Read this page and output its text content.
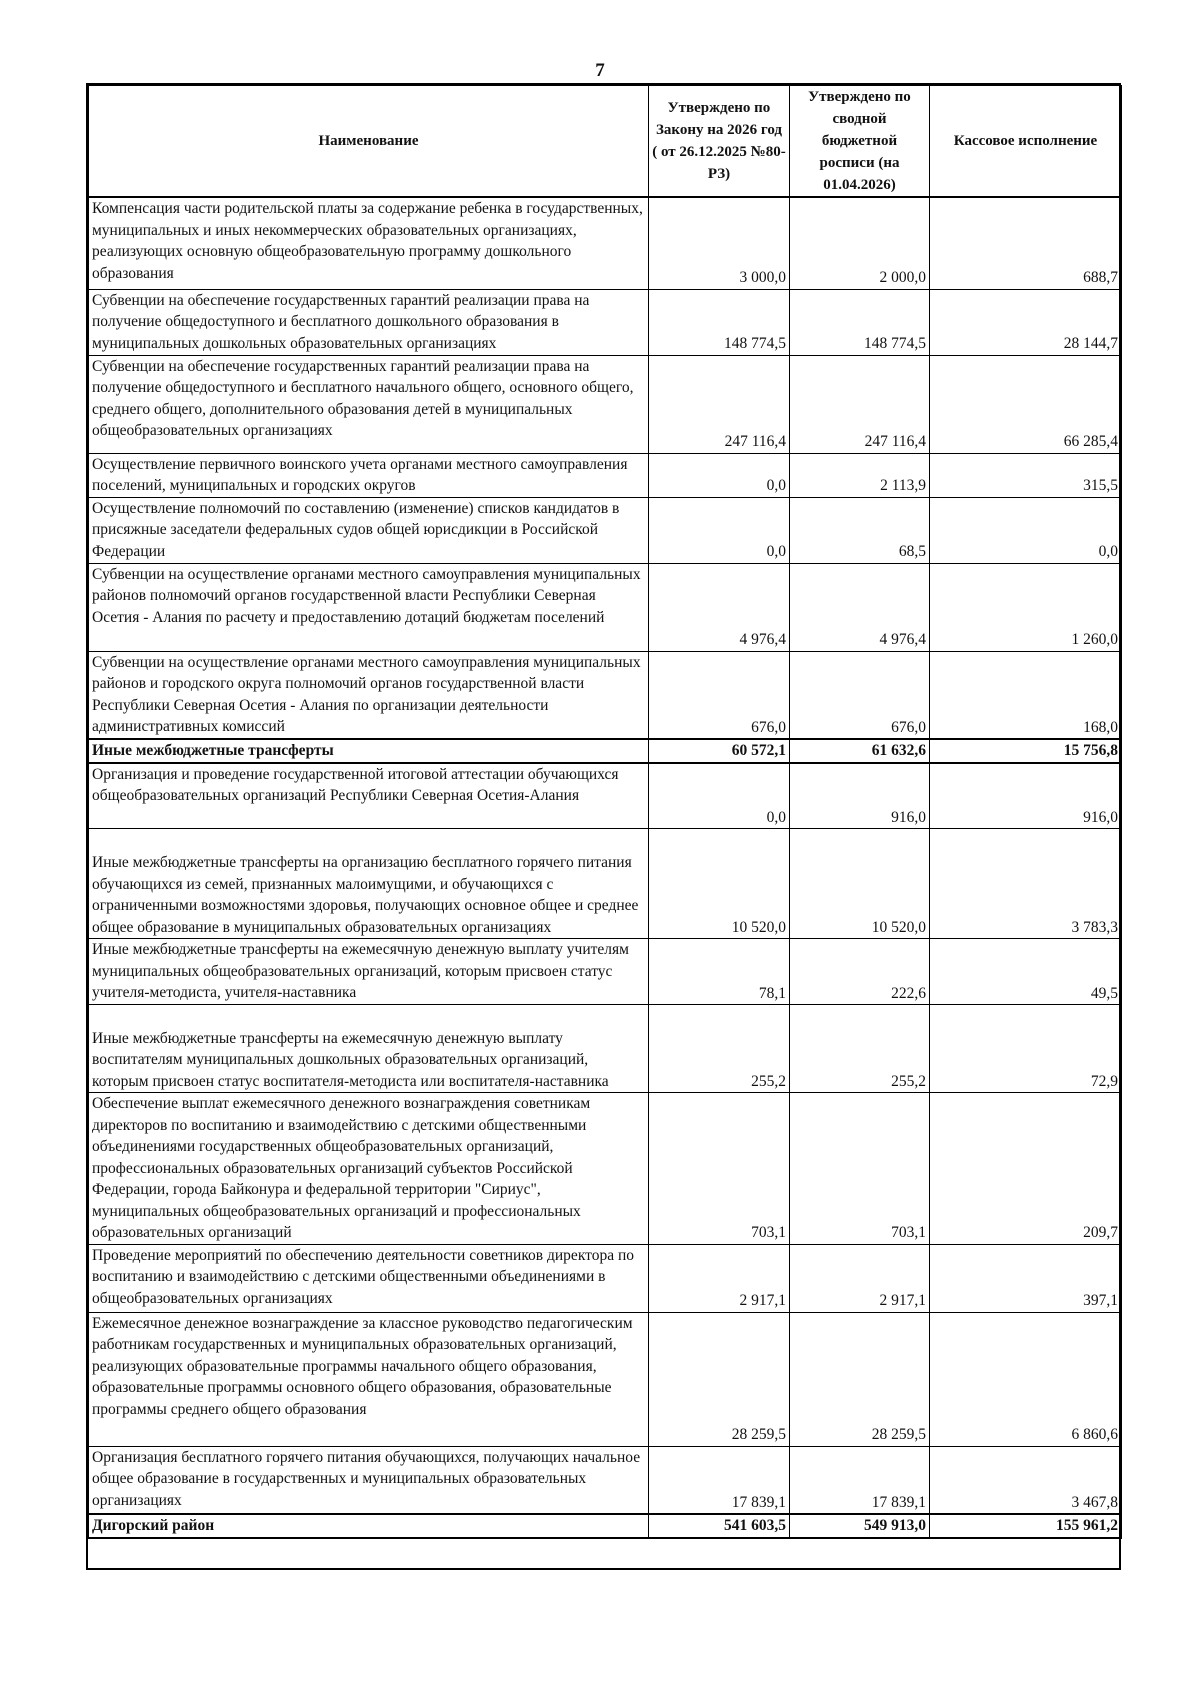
7
Наименование	Утверждено по Закону на 2026 год ( от 26.12.2025 №80-РЗ)	Утверждено по сводной бюджетной росписи (на 01.04.2026)	Кассовое исполнение
Компенсация части родительской платы за содержание ребенка в государственных, муниципальных и иных некоммерческих образовательных организациях, реализующих основную общеобразовательную программу дошкольного образования	3 000,0	2 000,0	688,7
Субвенции на обеспечение государственных гарантий реализации права на получение общедоступного и бесплатного дошкольного образования в муниципальных дошкольных образовательных организациях	148 774,5	148 774,5	28 144,7
Субвенции на обеспечение государственных гарантий реализации права на получение общедоступного и бесплатного начального общего, основного общего, среднего общего, дополнительного образования детей в муниципальных общеобразовательных организациях	247 116,4	247 116,4	66 285,4
Осуществление первичного воинского учета органами местного самоуправления поселений, муниципальных и городских округов	0,0	2 113,9	315,5
Осуществление полномочий по составлению (изменение) списков кандидатов в присяжные заседатели федеральных судов общей юрисдикции в Российской Федерации	0,0	68,5	0,0
Субвенции на осуществление органами местного самоуправления муниципальных районов полномочий органов государственной власти Республики Северная Осетия - Алания по расчету и предоставлению дотаций бюджетам поселений	4 976,4	4 976,4	1 260,0
Субвенции на осуществление органами местного самоуправления муниципальных районов и городского округа полномочий органов государственной власти Республики Северная Осетия - Алания по организации деятельности административных комиссий	676,0	676,0	168,0
Иные межбюджетные трансферты	60 572,1	61 632,6	15 756,8
Организация и проведение государственной итоговой аттестации обучающихся общеобразовательных организаций Республики Северная Осетия-Алания	0,0	916,0	916,0
Иные межбюджетные трансферты на организацию бесплатного горячего питания обучающихся из семей, признанных малоимущими, и обучающихся с ограниченными возможностями здоровья, получающих основное общее и среднее общее образование в муниципальных образовательных организациях	10 520,0	10 520,0	3 783,3
Иные межбюджетные трансферты на ежемесячную денежную выплату учителям муниципальных общеобразовательных организаций, которым присвоен статус учителя-методиста, учителя-наставника	78,1	222,6	49,5
Иные межбюджетные трансферты на ежемесячную денежную выплату воспитателям муниципальных дошкольных образовательных организаций, которым присвоен статус воспитателя-методиста или воспитателя-наставника	255,2	255,2	72,9
Обеспечение выплат ежемесячного денежного вознаграждения советникам директоров по воспитанию и взаимодействию с детскими общественными объединениями государственных общеобразовательных организаций, профессиональных образовательных организаций субъектов Российской Федерации, города Байконура и федеральной территории "Сириус", муниципальных общеобразовательных организаций и профессиональных образовательных организаций	703,1	703,1	209,7
Проведение мероприятий по обеспечению деятельности советников директора по воспитанию и взаимодействию с детскими общественными объединениями в общеобразовательных организациях	2 917,1	2 917,1	397,1
Ежемесячное денежное вознаграждение за классное руководство педагогическим работникам государственных и муниципальных образовательных организаций, реализующих образовательные программы начального общего образования, образовательные программы основного общего образования, образовательные программы среднего общего образования	28 259,5	28 259,5	6 860,6
Организация бесплатного горячего питания обучающихся, получающих начальное общее образование в государственных и муниципальных образовательных организациях	17 839,1	17 839,1	3 467,8
Дигорский район	541 603,5	549 913,0	155 961,2
